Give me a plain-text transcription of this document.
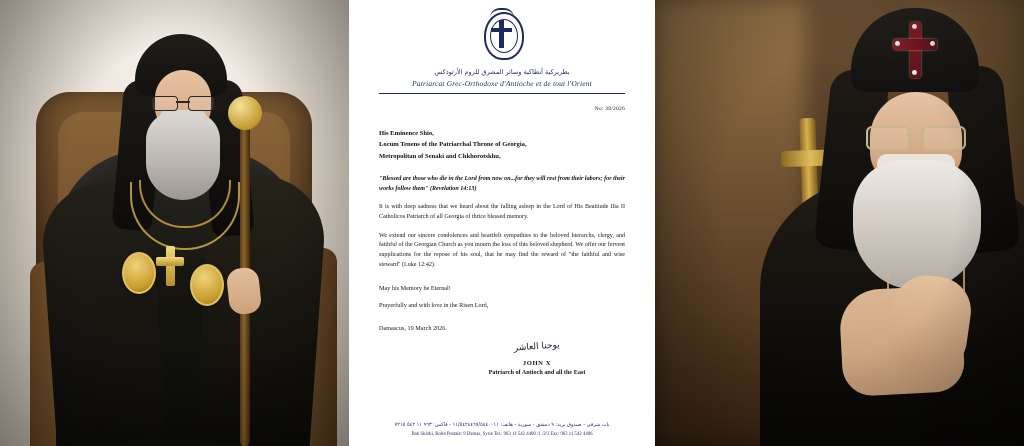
بطريركية أنطاكية وسائر المشرق للروم الأرثوذكس
Patriarcat Grec-Orthodoxe d'Antioche et de tout l'Orient
No: 38/2026
His Eminence Shio,
Locum Tenens of the Patriarchal Throne of Georgia,
Metropolitan of Senaki and Chkhorotskhu,
"Blessed are those who die in the Lord from now on...for they will rest from their labors; for their works follow them" (Revelation 14:13)
It is with deep sadness that we heard about the falling asleep in the Lord of His Beatitude Ilia II Catholicos Patriarch of all Georgia of thrice blessed memory.
We extend our sincere condolences and heartfelt sympathies to the beloved hierarchs, clergy, and faithful of the Georgian Church as you mourn the loss of this beloved shepherd. We offer our fervent supplications for the repose of his soul, that he may find the reward of "the faithful and wise steward" (Luke 12:42).
May his Memory be Eternal!
Prayerfully and with love in the Risen Lord,
Damascus, 19 March 2026.
يوحنا العاشر
JOHN X
Patriarch of Antioch and all the East
باب شرقي - صندوق بريد: ٩ دمشق - سورية - هاتف: ١١/٥٤٢٤٤٦٧/٥٤٤٠٠١١ - فاكس: ٩٦٣ ١١ ٥٤٢ ٧٢١٥
Bab Shàrki, Boite Postale: 9 Damas, Syrie Tel.: 963 11 542 4400 /1 /2/3 Fax: 963 11 542 4406
